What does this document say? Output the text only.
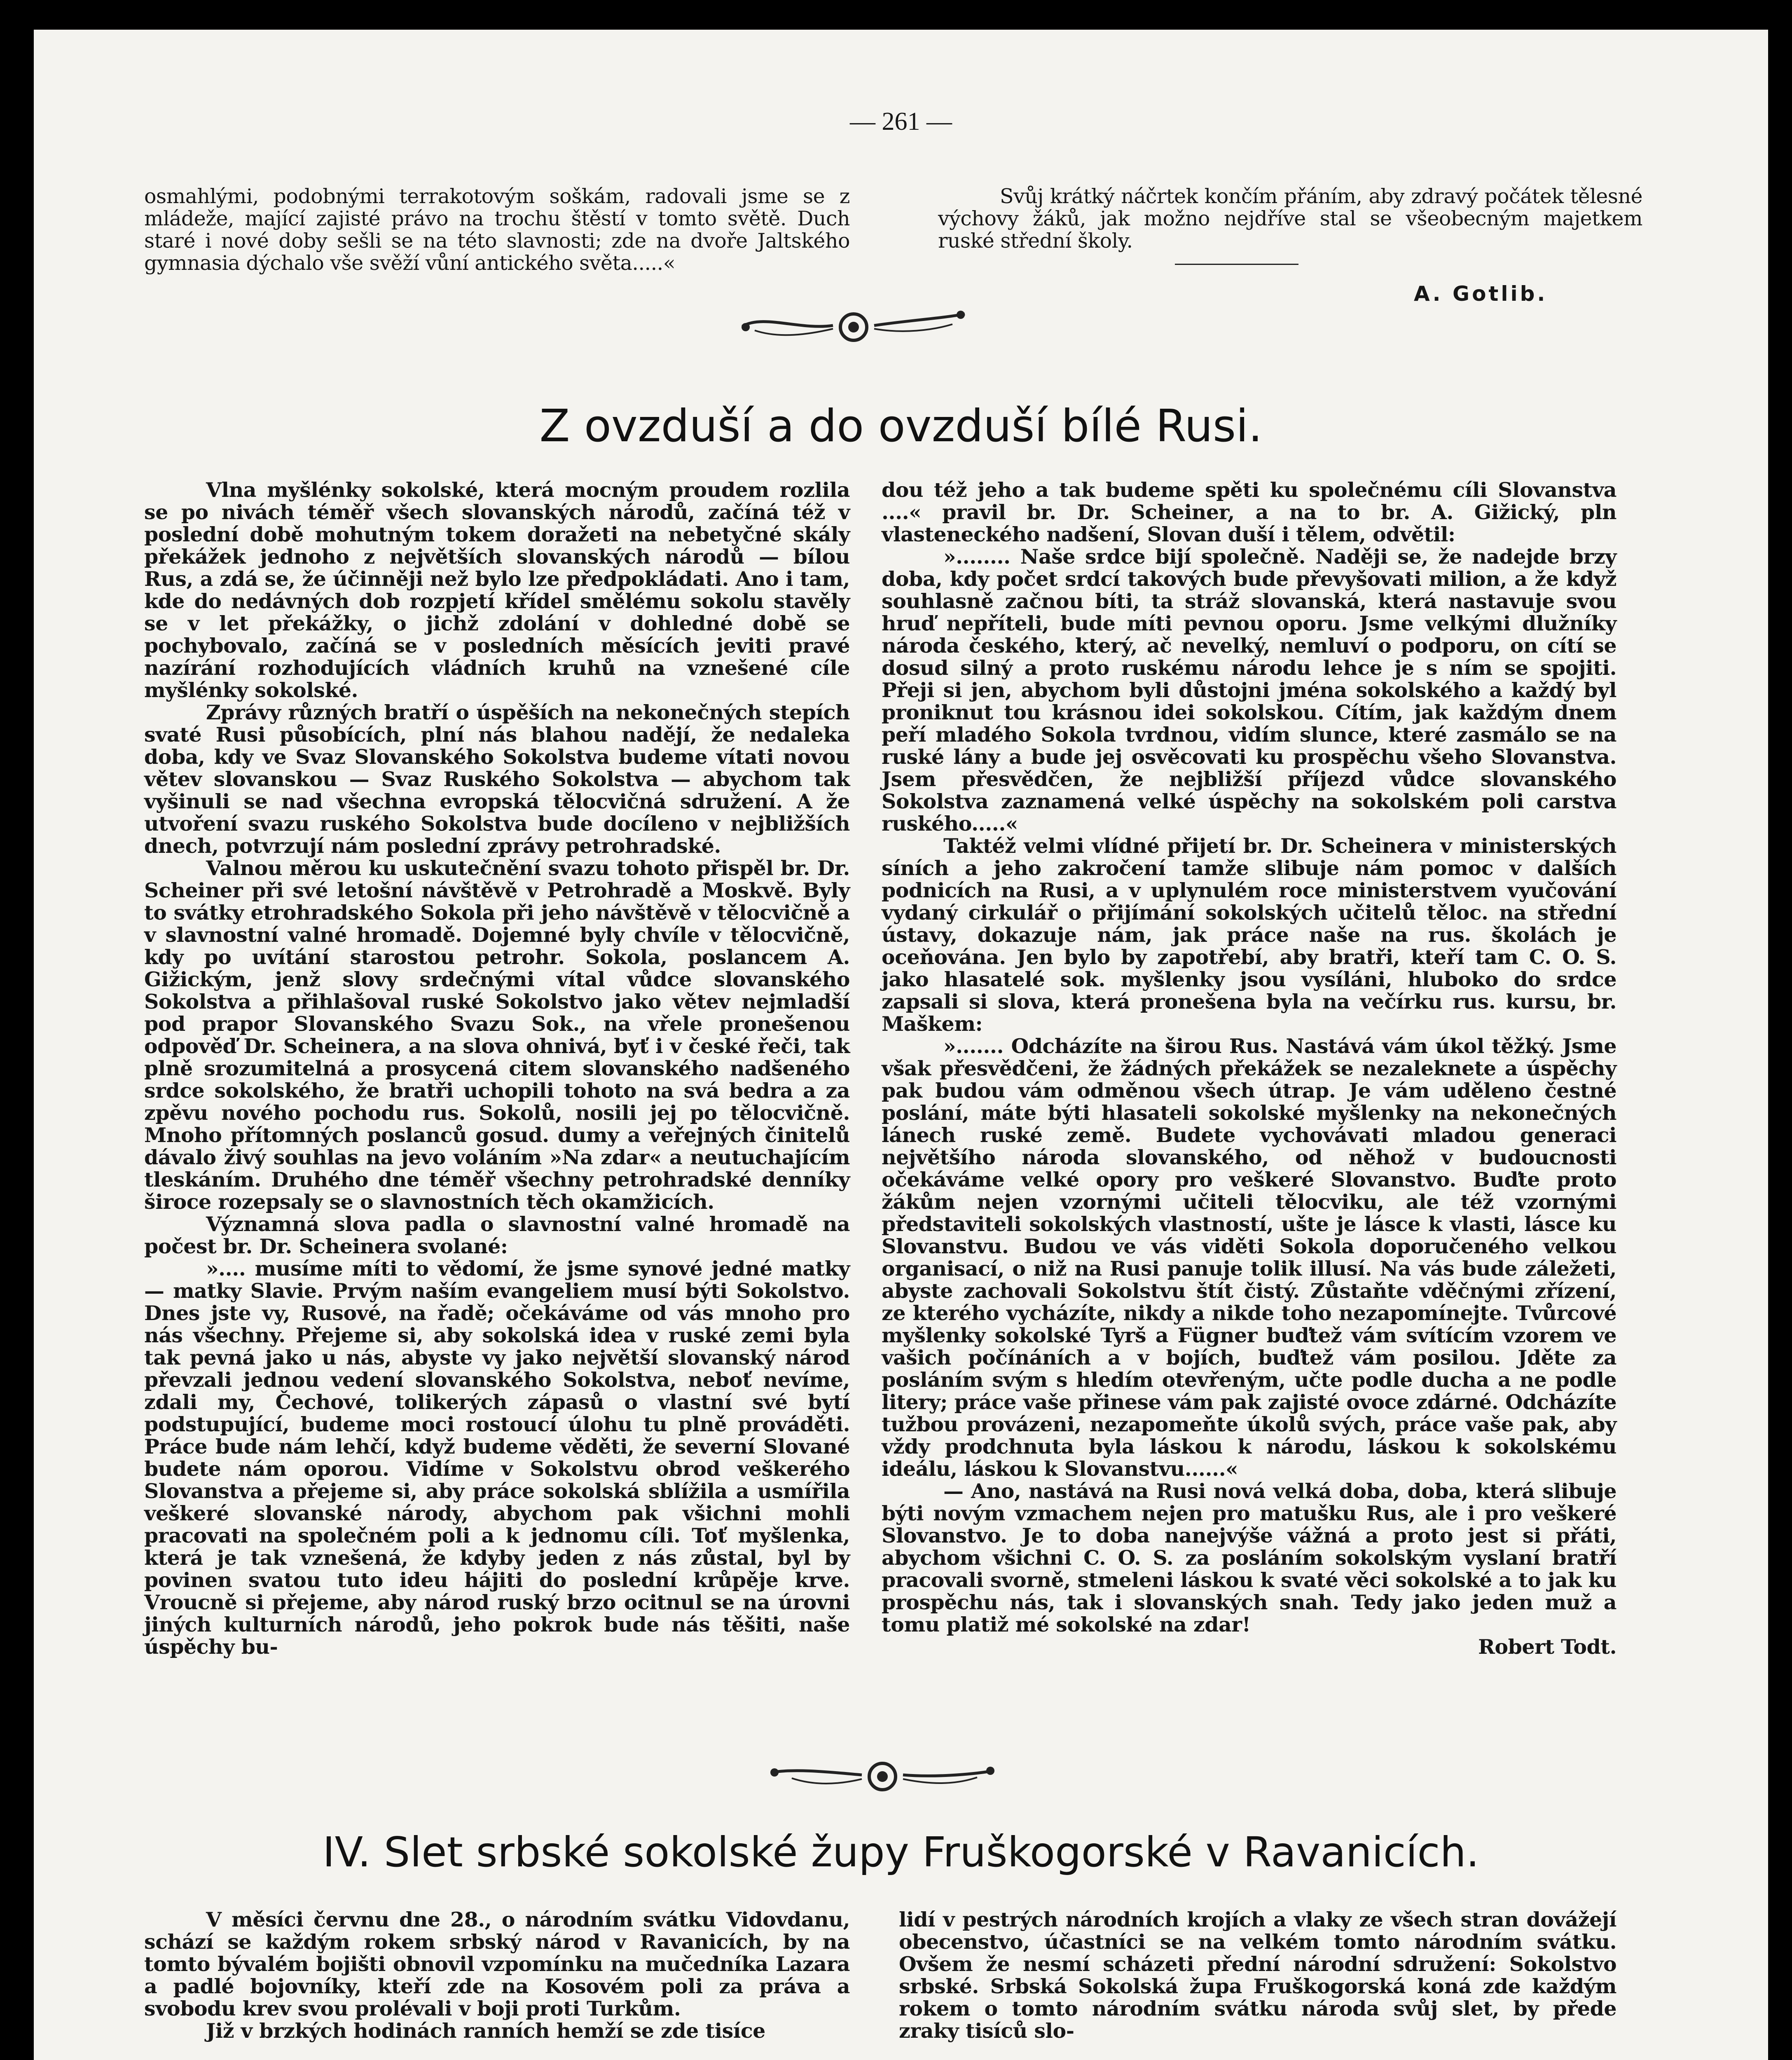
— 261 —

osmahlými, podobnými terrakotovým soškám, radovali jsme se z mládeže, mající zajisté právo na trochu štěstí v tomto světě. Duch staré i nové doby sešli se na této slavnosti; zde na dvoře Jaltského gymnasia dýchalo vše svěží vůní antického světa.....«

Svůj krátký náčrtek končím přáním, aby zdravý počátek tělesné výchovy žáků, jak možno nejdříve stal se všeobecným majetkem ruské střední školy.

A. Gotlib.
Z ovzduší a do ovzduší bílé Rusi.

Vlna myšlénky sokolské, která mocným proudem rozlila se po nivách téměř všech slovanských národů, začíná též v poslední době mohutným tokem doražeti na nebetyčné skály překážek jednoho z největších slovanských národů — bílou Rus, a zdá se, že účinněji než bylo lze předpokládati. Ano i tam, kde do nedávných dob rozpjetí křídel smělému sokolu stavěly se v let překážky, o jichž zdolání v dohledné době se pochybovalo, začíná se v posledních měsících jeviti pravé nazírání rozhodujících vládních kruhů na vznešené cíle myšlénky sokolské.

Zprávy různých bratří o úspěších na nekonečných stepích svaté Rusi působících, plní nás blahou nadějí, že nedaleka doba, kdy ve Svaz Slovanského Sokolstva budeme vítati novou větev slovanskou — Svaz Ruského Sokolstva — abychom tak vyšinuli se nad všechna evropská tělocvičná sdružení. A že utvoření svazu ruského Sokolstva bude docíleno v nejbližších dnech, potvrzují nám poslední zprávy petrohradské.

Valnou měrou ku uskutečnění svazu tohoto přispěl br. Dr. Scheiner při své letošní návštěvě v Petrohradě a Moskvě. Byly to svátky etrohradského Sokola při jeho návštěvě v tělocvičně a v slavnostní valné hromadě. Dojemné byly chvíle v tělocvičně, kdy po uvítání starostou petrohr. Sokola, poslancem A. Gižickým, jenž slovy srdečnými vítal vůdce slovanského Sokolstva a přihlašoval ruské Sokolstvo jako větev nejmladší pod prapor Slovanského Svazu Sok., na vřele pronešenou odpověď Dr. Scheinera, a na slova ohnivá, byť i v české řeči, tak plně srozumitelná a prosycená citem slovanského nadšeného srdce sokolského, že bratři uchopili tohoto na svá bedra a za zpěvu nového pochodu rus. Sokolů, nosili jej po tělocvičně. Mnoho přítomných poslanců gosud. dumy a veřejných činitelů dávalo živý souhlas na jevo voláním »Na zdar« a neutuchajícím tleskáním. Druhého dne téměř všechny petrohradské denníky široce rozepsaly se o slavnostních těch okamžicích.

Významná slova padla o slavnostní valné hromadě na počest br. Dr. Scheinera svolané:

».... musíme míti to vědomí, že jsme synové jedné matky — matky Slavie. Prvým naším evangeliem musí býti Sokolstvo. Dnes jste vy, Rusové, na řadě; očekáváme od vás mnoho pro nás všechny. Přejeme si, aby sokolská idea v ruské zemi byla tak pevná jako u nás, abyste vy jako největší slovanský národ převzali jednou vedení slovanského Sokolstva, neboť nevíme, zdali my, Čechové, tolikerých zápasů o vlastní své bytí podstupující, budeme moci rostoucí úlohu tu plně prováděti. Práce bude nám lehčí, když budeme věděti, že severní Slované budete nám oporou. Vidíme v Sokolstvu obrod veškerého Slovanstva a přejeme si, aby práce sokolská sblížila a usmířila veškeré slovanské národy, abychom pak všichni mohli pracovati na společném poli a k jednomu cíli. Toť myšlenka, která je tak vznešená, že kdyby jeden z nás zůstal, byl by povinen svatou tuto ideu hájiti do poslední krůpěje krve. Vroucně si přejeme, aby národ ruský brzo ocitnul se na úrovni jiných kulturních národů, jeho pokrok bude nás těšiti, naše úspěchy bu-

dou též jeho a tak budeme spěti ku společnému cíli Slovanstva ....« pravil br. Dr. Scheiner, a na to br. A. Gižický, pln vlasteneckého nadšení, Slovan duší i tělem, odvětil:

»........ Naše srdce bijí společně. Naději se, že nadejde brzy doba, kdy počet srdcí takových bude převyšovati milion, a že když souhlasně začnou bíti, ta stráž slovanská, která nastavuje svou hruď nepříteli, bude míti pevnou oporu. Jsme velkými dlužníky národa českého, který, ač nevelký, nemluví o podporu, on cítí se dosud silný a proto ruskému národu lehce je s ním se spojiti. Přeji si jen, abychom byli důstojni jména sokolského a každý byl proniknut tou krásnou idei sokolskou. Cítím, jak každým dnem peří mladého Sokola tvrdnou, vidím slunce, které zasmálo se na ruské lány a bude jej osvěcovati ku prospěchu všeho Slovanstva. Jsem přesvědčen, že nejbližší příjezd vůdce slovanského Sokolstva zaznamená velké úspěchy na sokolském poli carstva ruského.....«

Taktéž velmi vlídné přijetí br. Dr. Scheinera v ministerských síních a jeho zakročení tamže slibuje nám pomoc v dalších podnicích na Rusi, a v uplynulém roce ministerstvem vyučování vydaný cirkulář o přijímání sokolských učitelů těloc. na střední ústavy, dokazuje nám, jak práce naše na rus. školách je oceňována. Jen bylo by zapotřebí, aby bratři, kteří tam C. O. S. jako hlasatelé sok. myšlenky jsou vysíláni, hluboko do srdce zapsali si slova, která pronešena byla na večírku rus. kursu, br. Maškem:

»....... Odcházíte na širou Rus. Nastává vám úkol těžký. Jsme však přesvědčeni, že žádných překážek se nezaleknete a úspěchy pak budou vám odměnou všech útrap. Je vám uděleno čestné poslání, máte býti hlasateli sokolské myšlenky na nekonečných lánech ruské země. Budete vychovávati mladou generaci největšího národa slovanského, od něhož v budoucnosti očekáváme velké opory pro veškeré Slovanstvo. Buďte proto žákům nejen vzornými učiteli tělocviku, ale též vzornými představiteli sokolských vlastností, ušte je lásce k vlasti, lásce ku Slovanstvu. Budou ve vás viděti Sokola doporučeného velkou organisací, o niž na Rusi panuje tolik illusí. Na vás bude záležeti, abyste zachovali Sokolstvu štít čistý. Zůstaňte vděčnými zřízení, ze kterého vycházíte, nikdy a nikde toho nezapomínejte. Tvůrcové myšlenky sokolské Tyrš a Fügner buďtež vám svítícím vzorem ve vašich počínáních a v bojích, buďtež vám posilou. Jděte za posláním svým s hledím otevřeným, učte podle ducha a ne podle litery; práce vaše přinese vám pak zajisté ovoce zdárné. Odcházíte tužbou provázeni, nezapomeňte úkolů svých, práce vaše pak, aby vždy prodchnuta byla láskou k národu, láskou k sokolskému ideálu, láskou k Slovanstvu......«

— Ano, nastává na Rusi nová velká doba, doba, která slibuje býti novým vzmachem nejen pro matušku Rus, ale i pro veškeré Slovanstvo. Je to doba nanejvýše vážná a proto jest si přáti, abychom všichni C. O. S. za posláním sokolským vyslaní bratří pracovali svorně, stmeleni láskou k svaté věci sokolské a to jak ku prospěchu nás, tak i slovanských snah. Tedy jako jeden muž a tomu platiž mé sokolské na zdar!

Robert Todt.

IV. Slet srbské sokolské župy Fruškogorské v Ravanicích.

V měsíci červnu dne 28., o národním svátku Vidovdanu, schází se každým rokem srbský národ v Ravanicích, by na tomto bývalém bojišti obnovil vzpomínku na mučedníka Lazara a padlé bojovníky, kteří zde na Kosovém poli za práva a svobodu krev svou prolévali v boji proti Turkům.

Již v brzkých hodinách ranních hemží se zde tisíce

lidí v pestrých národních krojích a vlaky ze všech stran dovážejí obecenstvo, účastníci se na velkém tomto národním svátku. Ovšem že nesmí scházeti přední národní sdružení: Sokolstvo srbské. Srbská Sokolská župa Fruškogorská koná zde každým rokem o tomto národním svátku národa svůj slet, by přede zraky tisíců slo-
